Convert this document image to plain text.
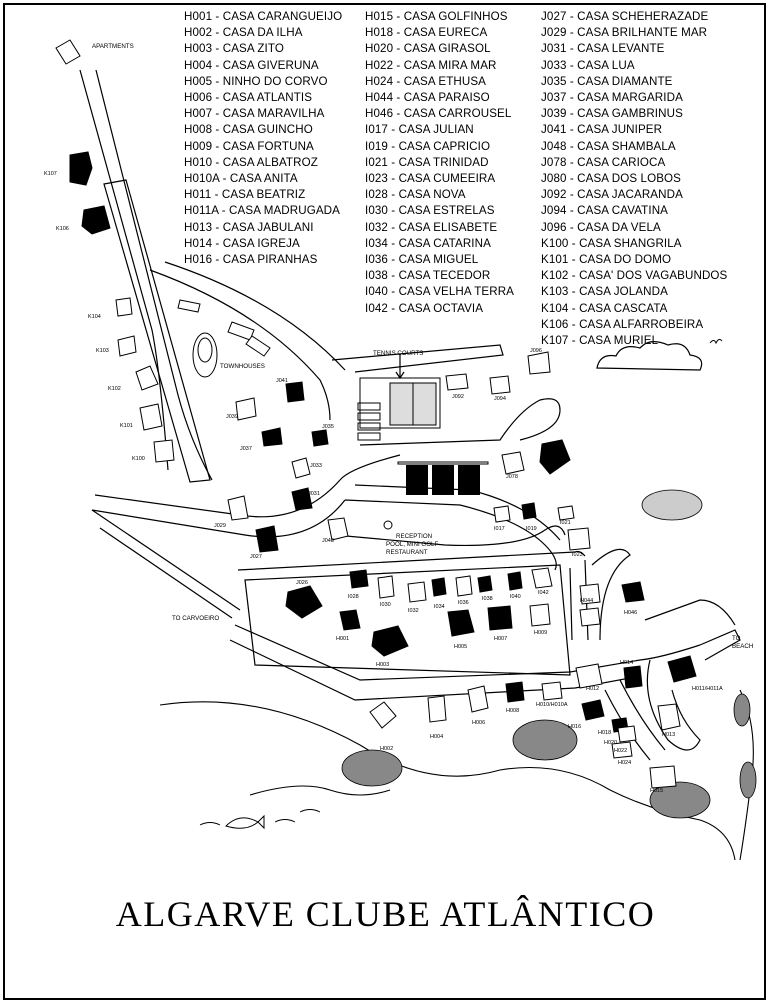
H001 - CASA CARANGUEIJO
H002 - CASA DA ILHA
H003 - CASA ZITO
H004 - CASA GIVERUNA
H005 - NINHO DO CORVO
H006 - CASA ATLANTIS
H007 - CASA MARAVILHA
H008 - CASA GUINCHO
H009 - CASA FORTUNA
H010 - CASA ALBATROZ
H010A - CASA ANITA
H011 - CASA BEATRIZ
H011A - CASA MADRUGADA
H013 - CASA JABULANI
H014 - CASA IGREJA
H016 - CASA PIRANHAS
H015 - CASA GOLFINHOS
H018 - CASA EURECA
H020 - CASA GIRASOL
H022 - CASA MIRA MAR
H024 - CASA ETHUSA
H044 - CASA PARAISO
H046 - CASA CARROUSEL
I017 - CASA JULIAN
I019 - CASA CAPRICIO
I021 - CASA TRINIDAD
I023 - CASA CUMEEIRA
I028 - CASA NOVA
I030 - CASA ESTRELAS
I032 - CASA ELISABETE
I034 - CASA CATARINA
I036 - CASA MIGUEL
I038 - CASA TECEDOR
I040 - CASA VELHA TERRA
I042 - CASA OCTAVIA
J027 - CASA SCHEHERAZADE
J029 - CASA BRILHANTE MAR
J031 - CASA LEVANTE
J033 - CASA LUA
J035 - CASA DIAMANTE
J037 - CASA MARGARIDA
J039 - CASA GAMBRINUS
J041 - CASA JUNIPER
J048 - CASA SHAMBALA
J078 - CASA CARIOCA
J080 - CASA DOS LOBOS
J092 - CASA JACARANDA
J094 - CASA CAVATINA
J096 - CASA DA VELA
K100 - CASA SHANGRILA
K101 - CASA DO DOMO
K102 - CASA' DOS VAGABUNDOS
K103 - CASA JOLANDA
K104 - CASA CASCATA
K106 - CASA ALFARROBEIRA
K107 - CASA MURIEL
APARTMENTS
TOWNHOUSES
TENNIS COURTS
RECEPTION
POOL, MINI GOLF
RESTAURANT
TO CARVOEIRO
TO
BEACH
K107
K106
K104
K103
K102
K101
K100
J041
J039
J037
J035
J033
J031
J029
J027
J048
J092	J094
J096
J078
I017	I019
I021
I023
J026
I028
I030
I032
I034
I036
I038	I040
I042
H001
H003
H005
H007
H009
H044
H046
H002
H004
H006
H008
H010/H010A
H012
H014
H016
H018
H020
H022
H024
H015
H013
H011/H011A
ALGARVE CLUBE ATLÂNTICO
